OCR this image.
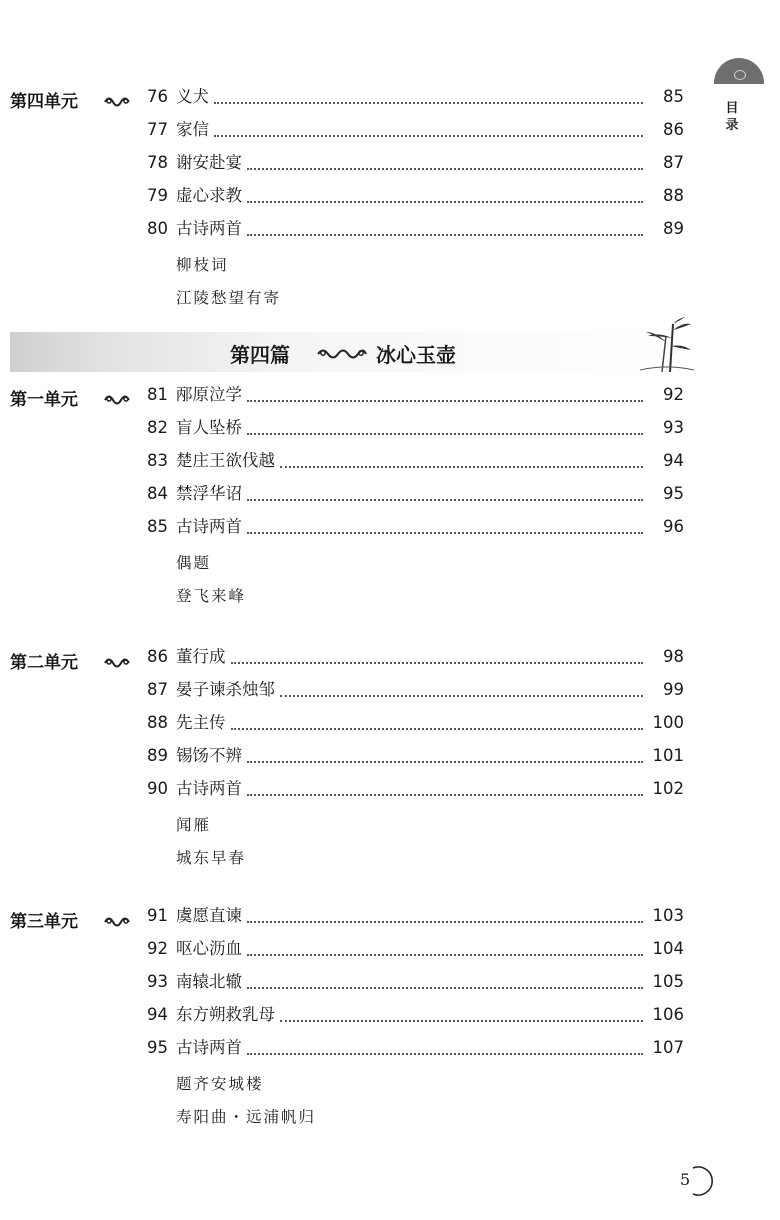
目 录
第四单元	76 义犬	85
77 家信	86
78 谢安赴宴	87
79 虚心求教	88
80 古诗两首	89
柳枝词
江陵愁望有寄
第四篇	冰心玉壶
第一单元	81 邴原泣学	92
82 盲人坠桥	93
83 楚庄王欲伐越	94
84 禁浮华诏	95
85 古诗两首	96
偶题
登飞来峰
第二单元	86 董行成	98
87 晏子谏杀烛邹	99
88 先主传	100
89 锡饧不辨	101
90 古诗两首	102
闻雁
城东早春
第三单元	91 虞愿直谏	103
92 呕心沥血	104
93 南辕北辙	105
94 东方朔救乳母	106
95 古诗两首	107
题齐安城楼
寿阳曲・远浦帆归
5
